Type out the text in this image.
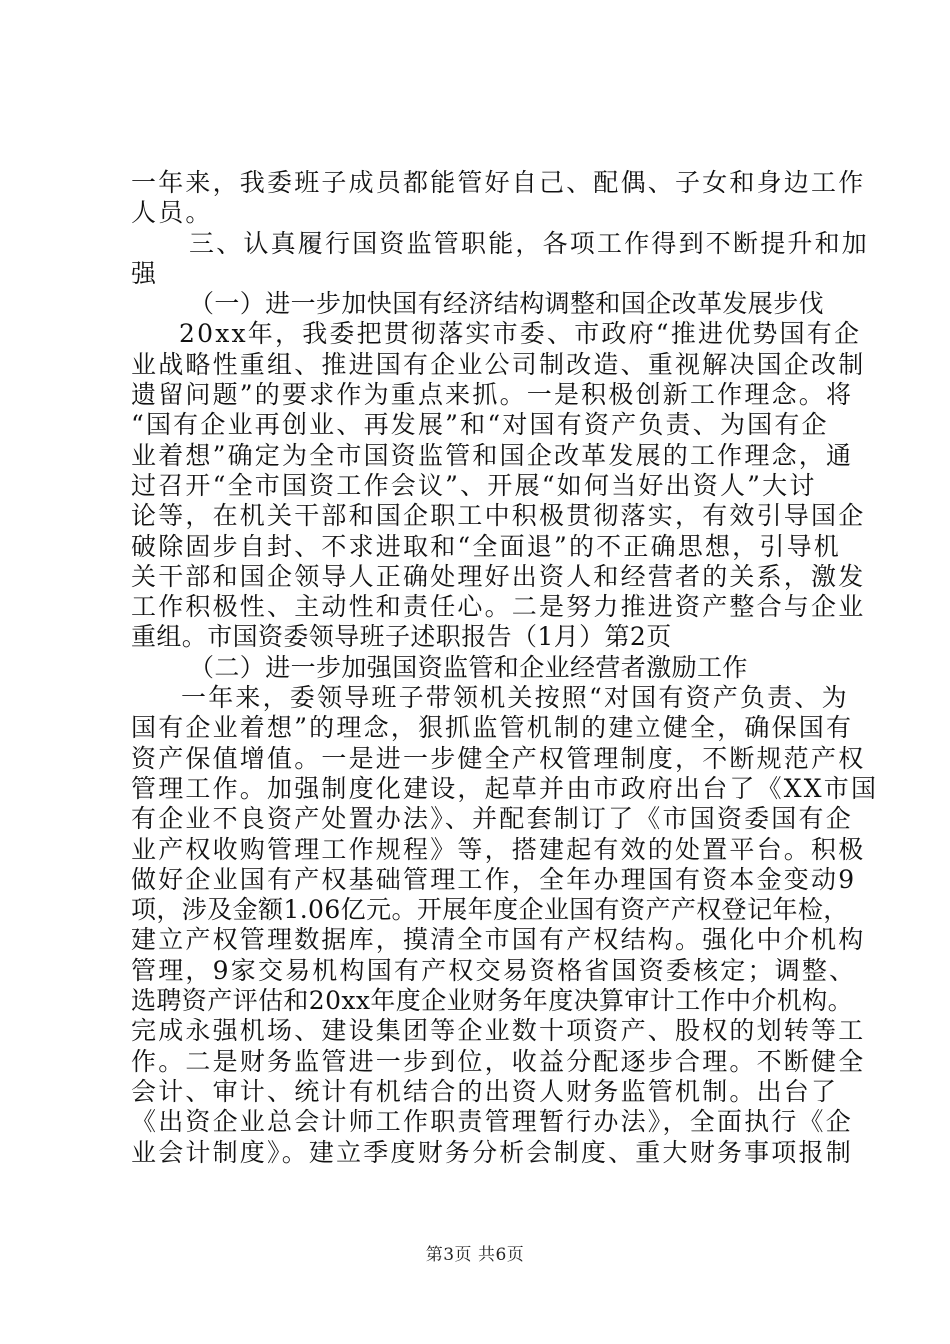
一年来，我委班子成员都能管好自己、配偶、子女和身边工作
人员。
三、认真履行国资监管职能，各项工作得到不断提升和加
强
（一）进一步加快国有经济结构调整和国企改革发展步伐
20xx年，我委把贯彻落实市委、市政府“推进优势国有企
业战略性重组、推进国有企业公司制改造、重视解决国企改制
遗留问题”的要求作为重点来抓。一是积极创新工作理念。将
“国有企业再创业、再发展”和“对国有资产负责、为国有企
业着想”确定为全市国资监管和国企改革发展的工作理念，通
过召开“全市国资工作会议”、开展“如何当好出资人”大讨
论等，在机关干部和国企职工中积极贯彻落实，有效引导国企
破除固步自封、不求进取和“全面退”的不正确思想，引导机
关干部和国企领导人正确处理好出资人和经营者的关系，激发
工作积极性、主动性和责任心。二是努力推进资产整合与企业
重组。市国资委领导班子述职报告（1月）第2页
（二）进一步加强国资监管和企业经营者激励工作
一年来，委领导班子带领机关按照“对国有资产负责、为
国有企业着想”的理念，狠抓监管机制的建立健全，确保国有
资产保值增值。一是进一步健全产权管理制度，不断规范产权
管理工作。加强制度化建设，起草并由市政府出台了《XX市国
有企业不良资产处置办法》、并配套制订了《市国资委国有企
业产权收购管理工作规程》等，搭建起有效的处置平台。积极
做好企业国有产权基础管理工作，全年办理国有资本金变动9
项，涉及金额1.06亿元。开展年度企业国有资产产权登记年检，
建立产权管理数据库，摸清全市国有产权结构。强化中介机构
管理，9家交易机构国有产权交易资格省国资委核定；调整、
选聘资产评估和20xx年度企业财务年度决算审计工作中介机构。
完成永强机场、建设集团等企业数十项资产、股权的划转等工
作。二是财务监管进一步到位，收益分配逐步合理。不断健全
会计、审计、统计有机结合的出资人财务监管机制。出台了
《出资企业总会计师工作职责管理暂行办法》，全面执行《企
业会计制度》。建立季度财务分析会制度、重大财务事项报制
第3页 共6页
